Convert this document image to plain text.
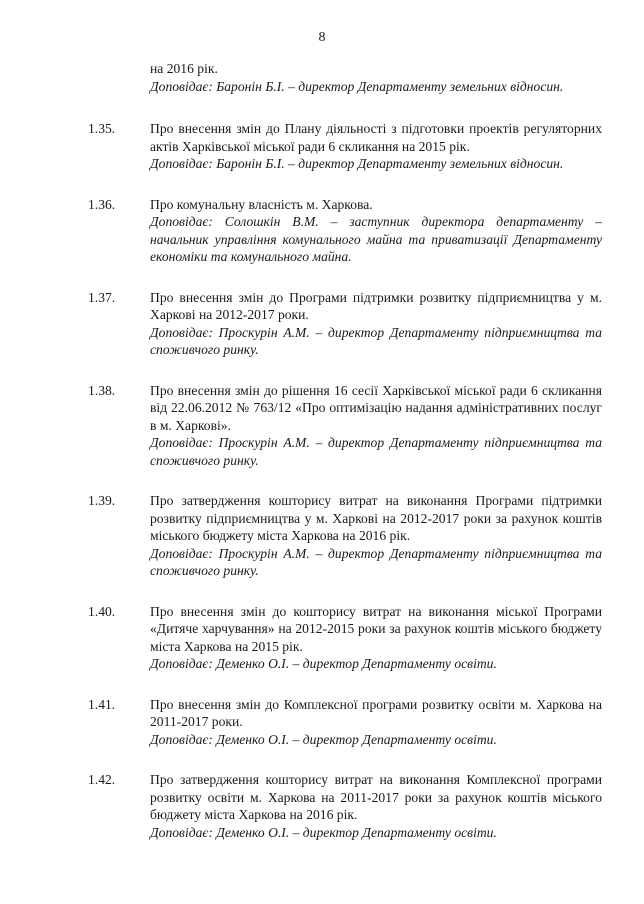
8

на 2016 рік.

Доповідає: Баронін Б.І. – директор Департаменту земельних відносин.

1.35.	Про внесення змін до Плану діяльності з підготовки проектів регуляторних актів Харківської міської ради 6 скликання на 2015 рік.

Доповідає: Баронін Б.І. – директор Департаменту земельних відносин.

1.36.	Про комунальну власність м. Харкова.

Доповідає: Солошкін В.М. – заступник директора департаменту – начальник управління комунального майна та приватизації Департаменту економіки та комунального майна.

1.37.	Про внесення змін до Програми підтримки розвитку підприємництва у м. Харкові на 2012-2017 роки.

Доповідає: Проскурін А.М. – директор Департаменту підприємництва та споживчого ринку.

1.38.	Про внесення змін до рішення 16 сесії Харківської міської ради 6 скликання від 22.06.2012 № 763/12 «Про оптимізацію надання адміністративних послуг в м. Харкові».

Доповідає: Проскурін А.М. – директор Департаменту підприємництва та споживчого ринку.

1.39.	Про затвердження кошторису витрат на виконання Програми підтримки розвитку підприємництва у м. Харкові на 2012-2017 роки за рахунок коштів міського бюджету міста Харкова на 2016 рік.

Доповідає: Проскурін А.М. – директор Департаменту підприємництва та споживчого ринку.

1.40.	Про внесення змін до кошторису витрат на виконання міської Програми «Дитяче харчування» на 2012-2015 роки за рахунок коштів міського бюджету міста Харкова на 2015 рік.

Доповідає: Деменко О.І. – директор Департаменту освіти.

1.41.	Про внесення змін до Комплексної програми розвитку освіти м. Харкова на 2011-2017 роки.

Доповідає: Деменко О.І. – директор Департаменту освіти.

1.42.	Про затвердження кошторису витрат на виконання Комплексної програми розвитку освіти м. Харкова на 2011-2017 роки за рахунок коштів міського бюджету міста Харкова на 2016 рік.

Доповідає: Деменко О.І. – директор Департаменту освіти.
